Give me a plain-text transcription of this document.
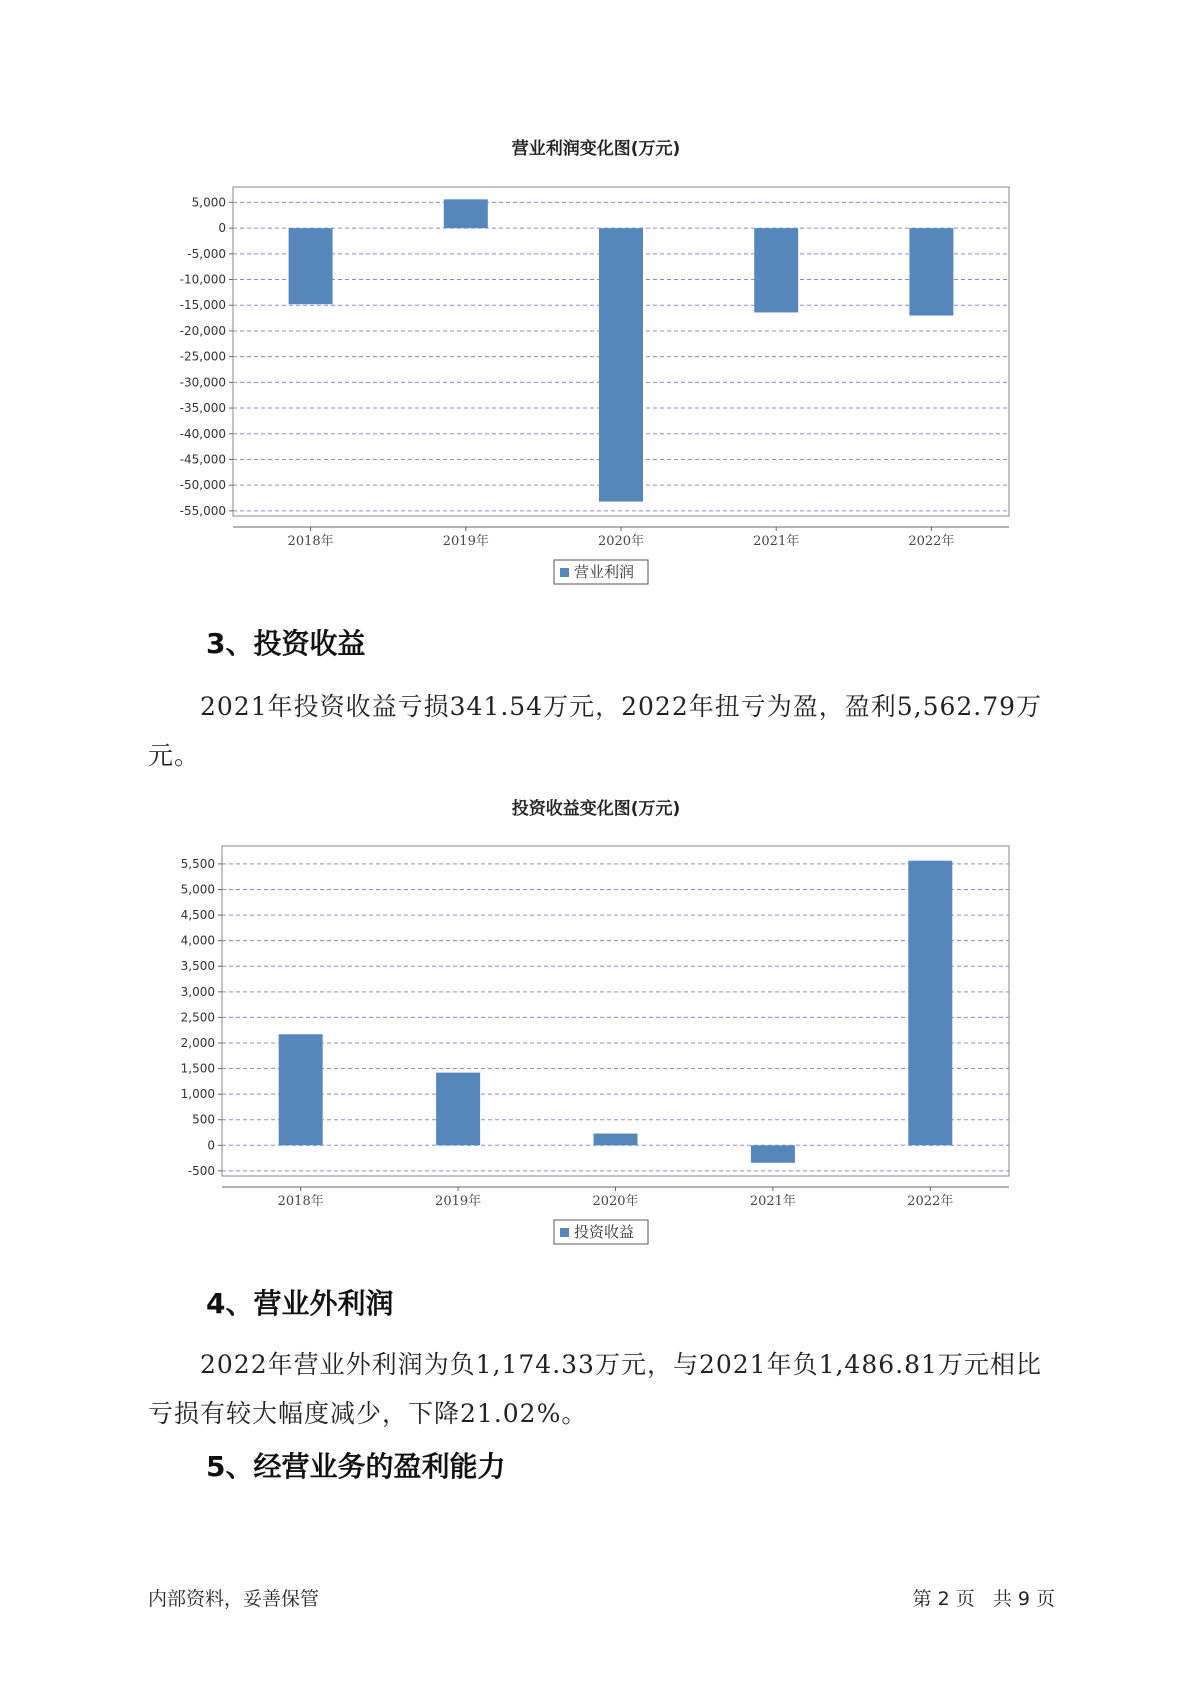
营业利润变化图(万元)
5,000
0
-5,000
-10,000
-15,000
-20,000
-25,000
-30,000
-35,000
-40,000
-45,000
-50,000
-55,000
2018年	2019年	2020年	2021年	2022年
营业利润
3、投资收益

2021年投资收益亏损341.54万元，2022年扭亏为盈，盈利5,562.79万元。

投资收益变化图(万元)
5,500
5,000
4,500
4,000
3,500
3,000
2,500
2,000
1,500
1,000
500
0
-500
2018年	2019年	2020年	2021年	2022年
投资收益
4、营业外利润

2022年营业外利润为负1,174.33万元，与2021年负1,486.81万元相比亏损有较大幅度减少，下降21.02%。

5、经营业务的盈利能力
内部资料，妥善保管	第 2 页   共 9 页
